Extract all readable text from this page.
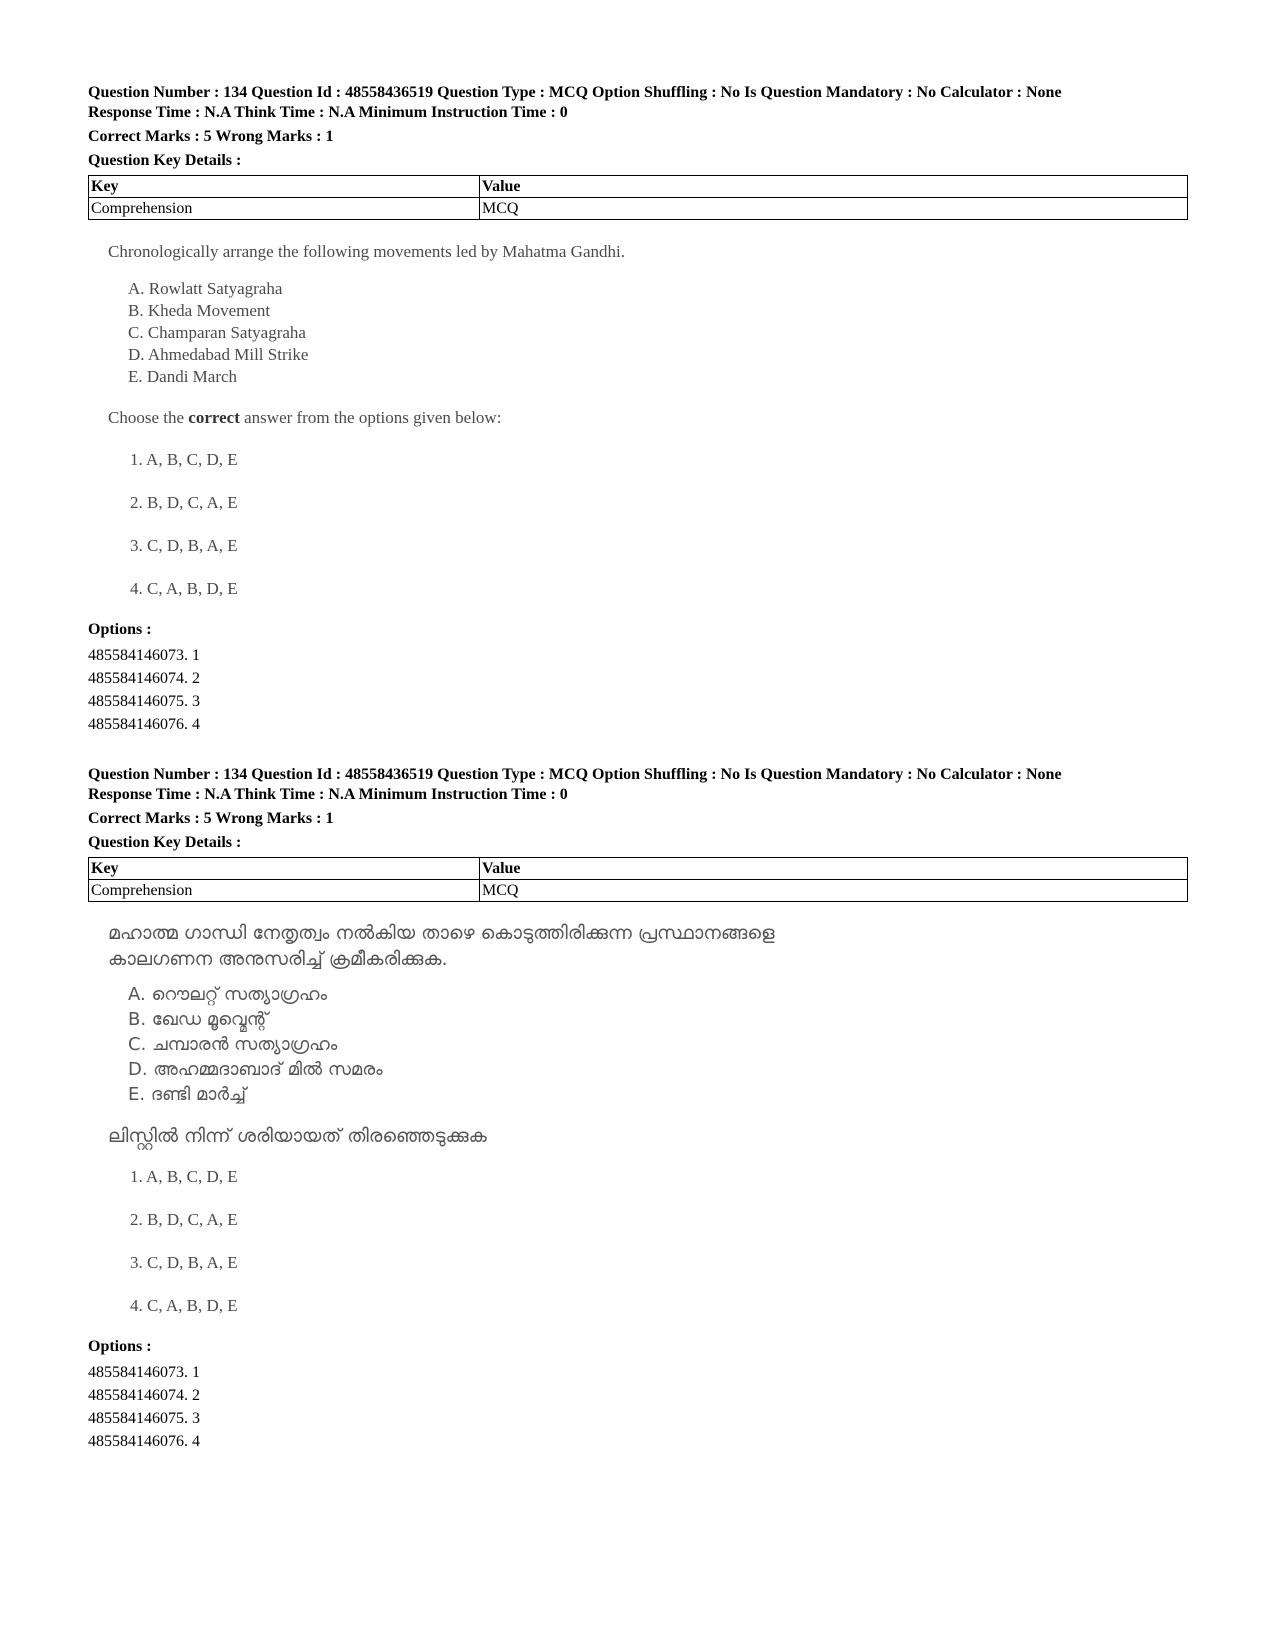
Question Number : 134 Question Id : 48558436519 Question Type : MCQ Option Shuffling : No Is Question Mandatory : No Calculator : None

Response Time : N.A Think Time : N.A Minimum Instruction Time : 0

Correct Marks : 5 Wrong Marks : 1
Question Key Details :
Key	Value
Comprehension	MCQ

Chronologically arrange the following movements led by Mahatma Gandhi.

A. Rowlatt Satyagraha
B. Kheda Movement
C. Champaran Satyagraha
D. Ahmedabad Mill Strike
E. Dandi March
Choose the correct answer from the options given below:
1. A, B, C, D, E
2. B, D, C, A, E
3. C, D, B, A, E
4. C, A, B, D, E
Options :
485584146073. 1
485584146074. 2
485584146075. 3
485584146076. 4

Question Number : 134 Question Id : 48558436519 Question Type : MCQ Option Shuffling : No Is Question Mandatory : No Calculator : None

Response Time : N.A Think Time : N.A Minimum Instruction Time : 0

Correct Marks : 5 Wrong Marks : 1
Question Key Details :
Key	Value
Comprehension	MCQ

മഹാത്മ ഗാന്ധി നേതൃത്വം നൽകിയ താഴെ കൊടുത്തിരിക്കുന്ന പ്രസ്ഥാനങ്ങളെ

കാലഗണന അനുസരിച്ച് ക്രമീകരിക്കുക.

A. റൌലറ്റ് സത്യാഗ്രഹം
B. ഖേഡ മൂവ്മെന്റ്
C. ചമ്പാരൻ സത്യാഗ്രഹം
D. അഹമ്മദാബാദ് മിൽ സമരം
E. ദണ്ടി മാർച്ച്
ലിസ്റ്റിൽ നിന്ന് ശരിയായത് തിരഞ്ഞെടുക്കുക
1. A, B, C, D, E
2. B, D, C, A, E
3. C, D, B, A, E
4. C, A, B, D, E
Options :
485584146073. 1
485584146074. 2
485584146075. 3
485584146076. 4
